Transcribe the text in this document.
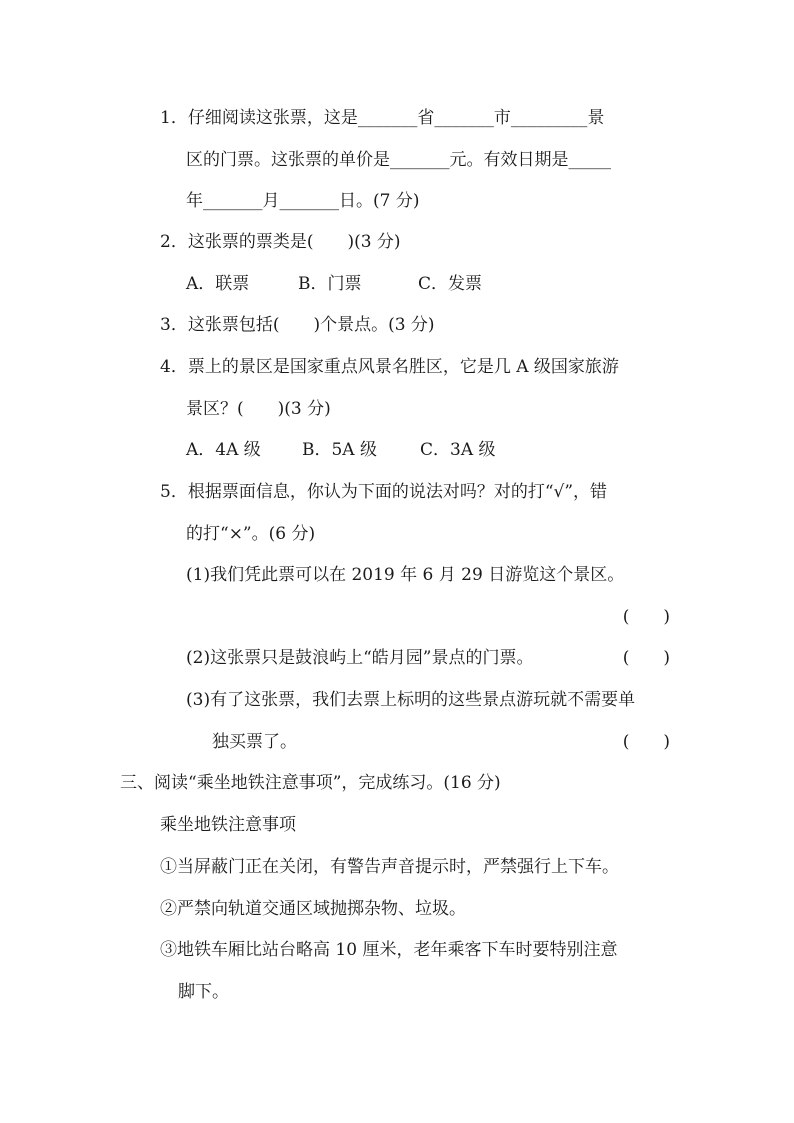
1．仔细阅读这张票，这是_______省_______市_________景
区的门票。这张票的单价是_______元。有效日期是_____
年_______月_______日。(7 分)
2．这张票的票类是(　　)(3 分)
A．联票	B．门票	C．发票
3．这张票包括(　　)个景点。(3 分)
4．票上的景区是国家重点风景名胜区，它是几 A 级国家旅游
景区？(　　)(3 分)
A．4A 级 B．5A 级	C．3A 级
5．根据票面信息，你认为下面的说法对吗？对的打“√”，错
的打“×”。(6 分)
(1)我们凭此票可以在 2019 年 6 月 29 日游览这个景区。
(　　)
(2)这张票只是鼓浪屿上“皓月园”景点的门票。	(　　)
(3)有了这张票，我们去票上标明的这些景点游玩就不需要单
独买票了。	(　　)
三、阅读“乘坐地铁注意事项”，完成练习。(16 分)
乘坐地铁注意事项
①当屏蔽门正在关闭，有警告声音提示时，严禁强行上下车。
②严禁向轨道交通区域抛掷杂物、垃圾。
③地铁车厢比站台略高 10 厘米，老年乘客下车时要特别注意
脚下。
